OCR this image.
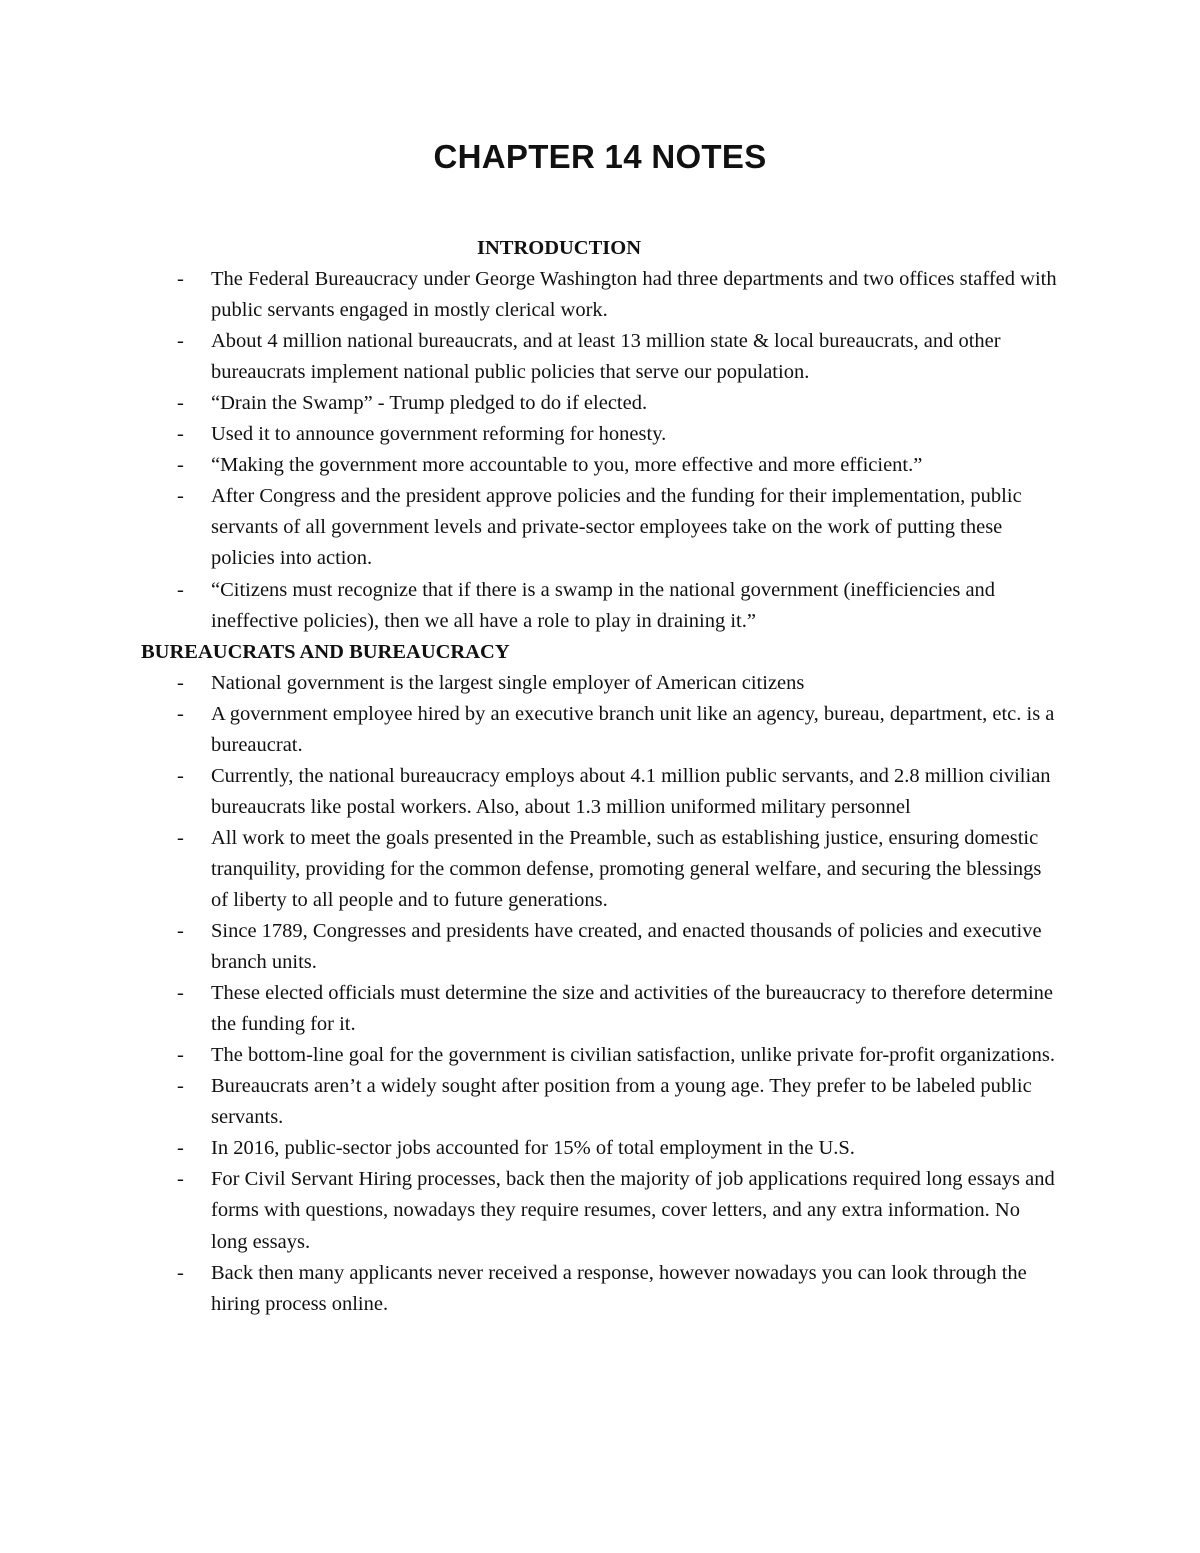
CHAPTER 14 NOTES
INTRODUCTION
- The Federal Bureaucracy under George Washington had three departments and two offices staffed with public servants engaged in mostly clerical work.
- About 4 million national bureaucrats, and at least 13 million state & local bureaucrats, and other bureaucrats implement national public policies that serve our population.
- “Drain the Swamp” - Trump pledged to do if elected.
- Used it to announce government reforming for honesty.
- “Making the government more accountable to you, more effective and more efficient.”
- After Congress and the president approve policies and the funding for their implementation, public servants of all government levels and private-sector employees take on the work of putting these policies into action.
- “Citizens must recognize that if there is a swamp in the national government (inefficiencies and ineffective policies), then we all have a role to play in draining it.”
BUREAUCRATS AND BUREAUCRACY
- National government is the largest single employer of American citizens
- A government employee hired by an executive branch unit like an agency, bureau, department, etc. is a bureaucrat.
- Currently, the national bureaucracy employs about 4.1 million public servants, and 2.8 million civilian bureaucrats like postal workers. Also, about 1.3 million uniformed military personnel
- All work to meet the goals presented in the Preamble, such as establishing justice, ensuring domestic tranquility, providing for the common defense, promoting general welfare, and securing the blessings of liberty to all people and to future generations.
- Since 1789, Congresses and presidents have created, and enacted thousands of policies and executive branch units.
- These elected officials must determine the size and activities of the bureaucracy to therefore determine the funding for it.
- The bottom-line goal for the government is civilian satisfaction, unlike private for-profit organizations.
- Bureaucrats aren’t a widely sought after position from a young age. They prefer to be labeled public servants.
- In 2016, public-sector jobs accounted for 15% of total employment in the U.S.
- For Civil Servant Hiring processes, back then the majority of job applications required long essays and forms with questions, nowadays they require resumes, cover letters, and any extra information. No long essays.
- Back then many applicants never received a response, however nowadays you can look through the hiring process online.
